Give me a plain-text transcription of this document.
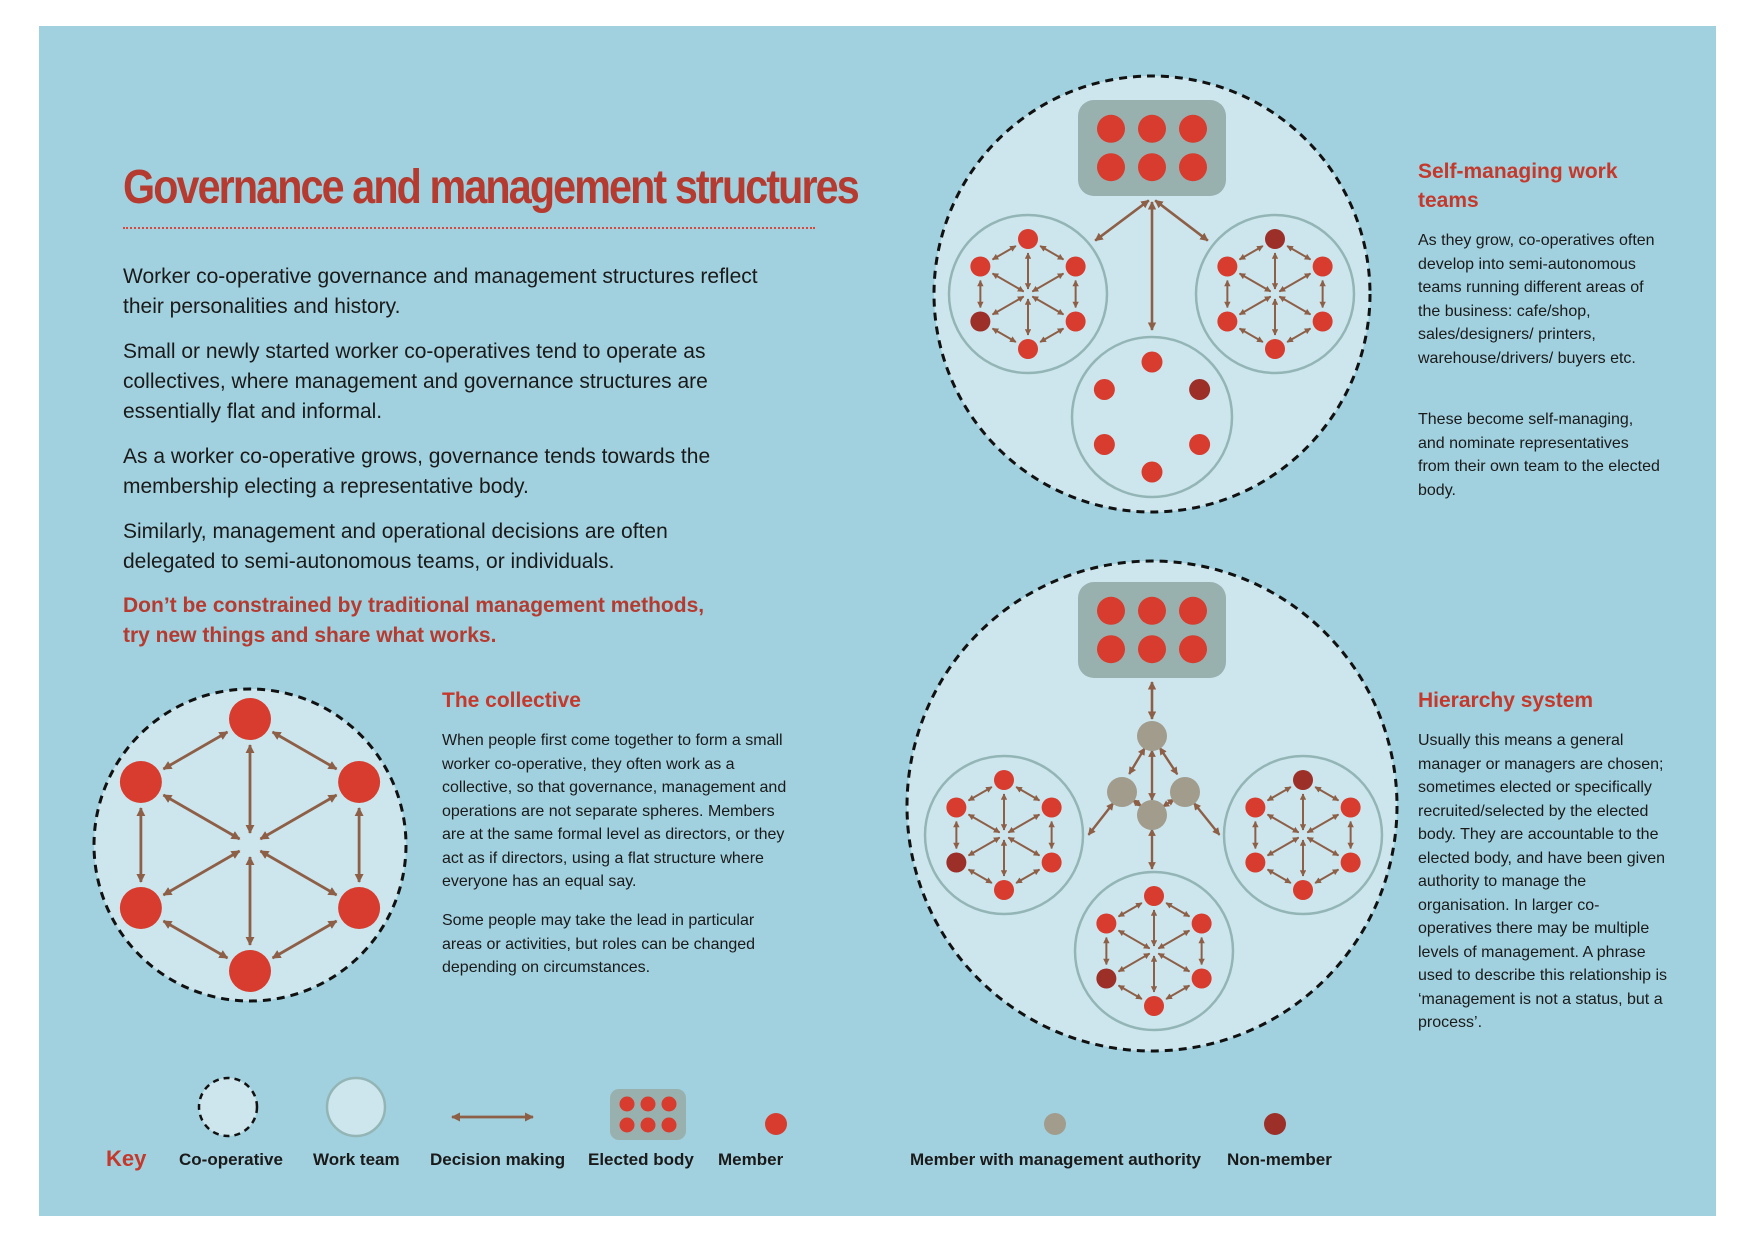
Governance and management structures

Worker co-operative governance and management structures reflect their personalities and history.

Small or newly started worker co-operatives tend to operate as collectives, where management and governance structures are essentially flat and informal.

As a worker co-operative grows, governance tends towards the membership electing a representative body.

Similarly, management and operational decisions are often delegated to semi-autonomous teams, or individuals.

Don’t be constrained by traditional management methods, try new things and share what works.

The collective

When people first come together to form a small worker co-operative, they often work as a collective, so that governance, management and operations are not separate spheres. Members are at the same formal level as directors, or they act as if directors, using a flat structure where everyone has an equal say.

Some people may take the lead in particular areas or activities, but roles can be changed depending on circumstances.

Self-managing work teams

As they grow, co-operatives often develop into semi-autonomous teams running different areas of the business: cafe/shop, sales/designers/ printers, warehouse/drivers/ buyers etc.

These become self-managing, and nominate representatives from their own team to the elected body.

Hierarchy system

Usually this means a general manager or managers are chosen; sometimes elected or specifically recruited/selected by the elected body. They are accountable to the elected body, and have been given authority to manage the organisation. In larger co-operatives there may be multiple levels of management. A phrase used to describe this relationship is ‘management is not a status, but a process’.

Key Co-operative Work team Decision making Elected body Member	Member with management authority Non-member
